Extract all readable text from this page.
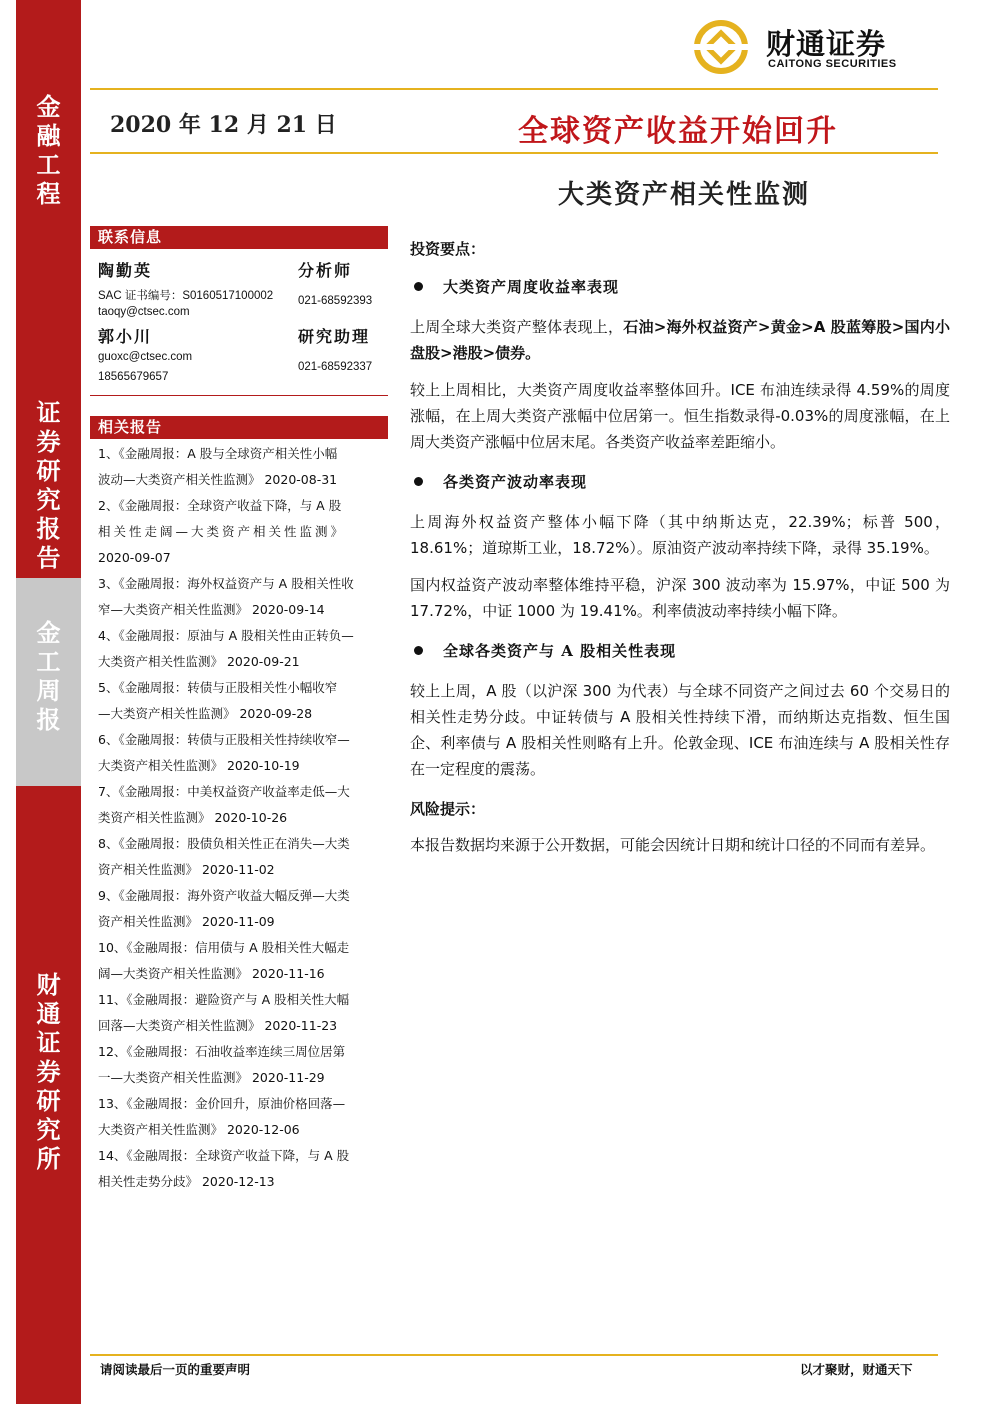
金
融
工
程
证
券
研
究
报
告
金
工
周
报
财
通
证
券
研
究
所
财通证券
CAITONG SECURITIES
2020 年 12 月 21 日	全球资产收益开始回升
大类资产相关性监测
联系信息
陶勤英	分析师
SAC 证书编号：S0160517100002 021-68592393
taoqy@ctsec.com
郭小川	研究助理
guoxc@ctsec.com
021-68592337
18565679657
相关报告
1、《金融周报：A 股与全球资产相关性小幅
波动—大类资产相关性监测》 2020-08-31
2、《金融周报：全球资产收益下降，与 A 股
相关性走阔—大类资产相关性监测》
2020-09-07
3、《金融周报：海外权益资产与 A 股相关性收
窄—大类资产相关性监测》 2020-09-14
4、《金融周报：原油与 A 股相关性由正转负—
大类资产相关性监测》 2020-09-21
5、《金融周报：转债与正股相关性小幅收窄
—大类资产相关性监测》 2020-09-28
6、《金融周报：转债与正股相关性持续收窄—
大类资产相关性监测》 2020-10-19
7、《金融周报：中美权益资产收益率走低—大
类资产相关性监测》 2020-10-26
8、《金融周报：股债负相关性正在消失—大类
资产相关性监测》 2020-11-02
9、《金融周报：海外资产收益大幅反弹—大类
资产相关性监测》 2020-11-09
10、《金融周报：信用债与 A 股相关性大幅走
阔—大类资产相关性监测》 2020-11-16
11、《金融周报：避险资产与 A 股相关性大幅
回落—大类资产相关性监测》 2020-11-23
12、《金融周报：石油收益率连续三周位居第
一—大类资产相关性监测》 2020-11-29
13、《金融周报：金价回升，原油价格回落—
大类资产相关性监测》 2020-12-06
14、《金融周报：全球资产收益下降，与 A 股
相关性走势分歧》 2020-12-13
投资要点：
大类资产周度收益率表现
上周全球大类资产整体表现上，石油>海外权益资产>黄金>A 股蓝筹股>国内小盘股>港股>债券。
较上上周相比，大类资产周度收益率整体回升。ICE 布油连续录得 4.59%的周度涨幅，在上周大类资产涨幅中位居第一。恒生指数录得-0.03%的周度涨幅，在上周大类资产涨幅中位居末尾。各类资产收益率差距缩小。
各类资产波动率表现
上周海外权益资产整体小幅下降（其中纳斯达克，22.39%；标普 500，18.61%；道琼斯工业，18.72%）。原油资产波动率持续下降，录得 35.19%。
国内权益资产波动率整体维持平稳，沪深 300 波动率为 15.97%，中证 500 为 17.72%，中证 1000 为 19.41%。利率债波动率持续小幅下降。
全球各类资产与 A 股相关性表现
较上上周，A 股（以沪深 300 为代表）与全球不同资产之间过去 60 个交易日的相关性走势分歧。中证转债与 A 股相关性持续下滑，而纳斯达克指数、恒生国企、利率债与 A 股相关性则略有上升。伦敦金现、ICE 布油连续与 A 股相关性存在一定程度的震荡。
风险提示：
本报告数据均来源于公开数据，可能会因统计日期和统计口径的不同而有差异。
请阅读最后一页的重要声明	以才聚财，财通天下
